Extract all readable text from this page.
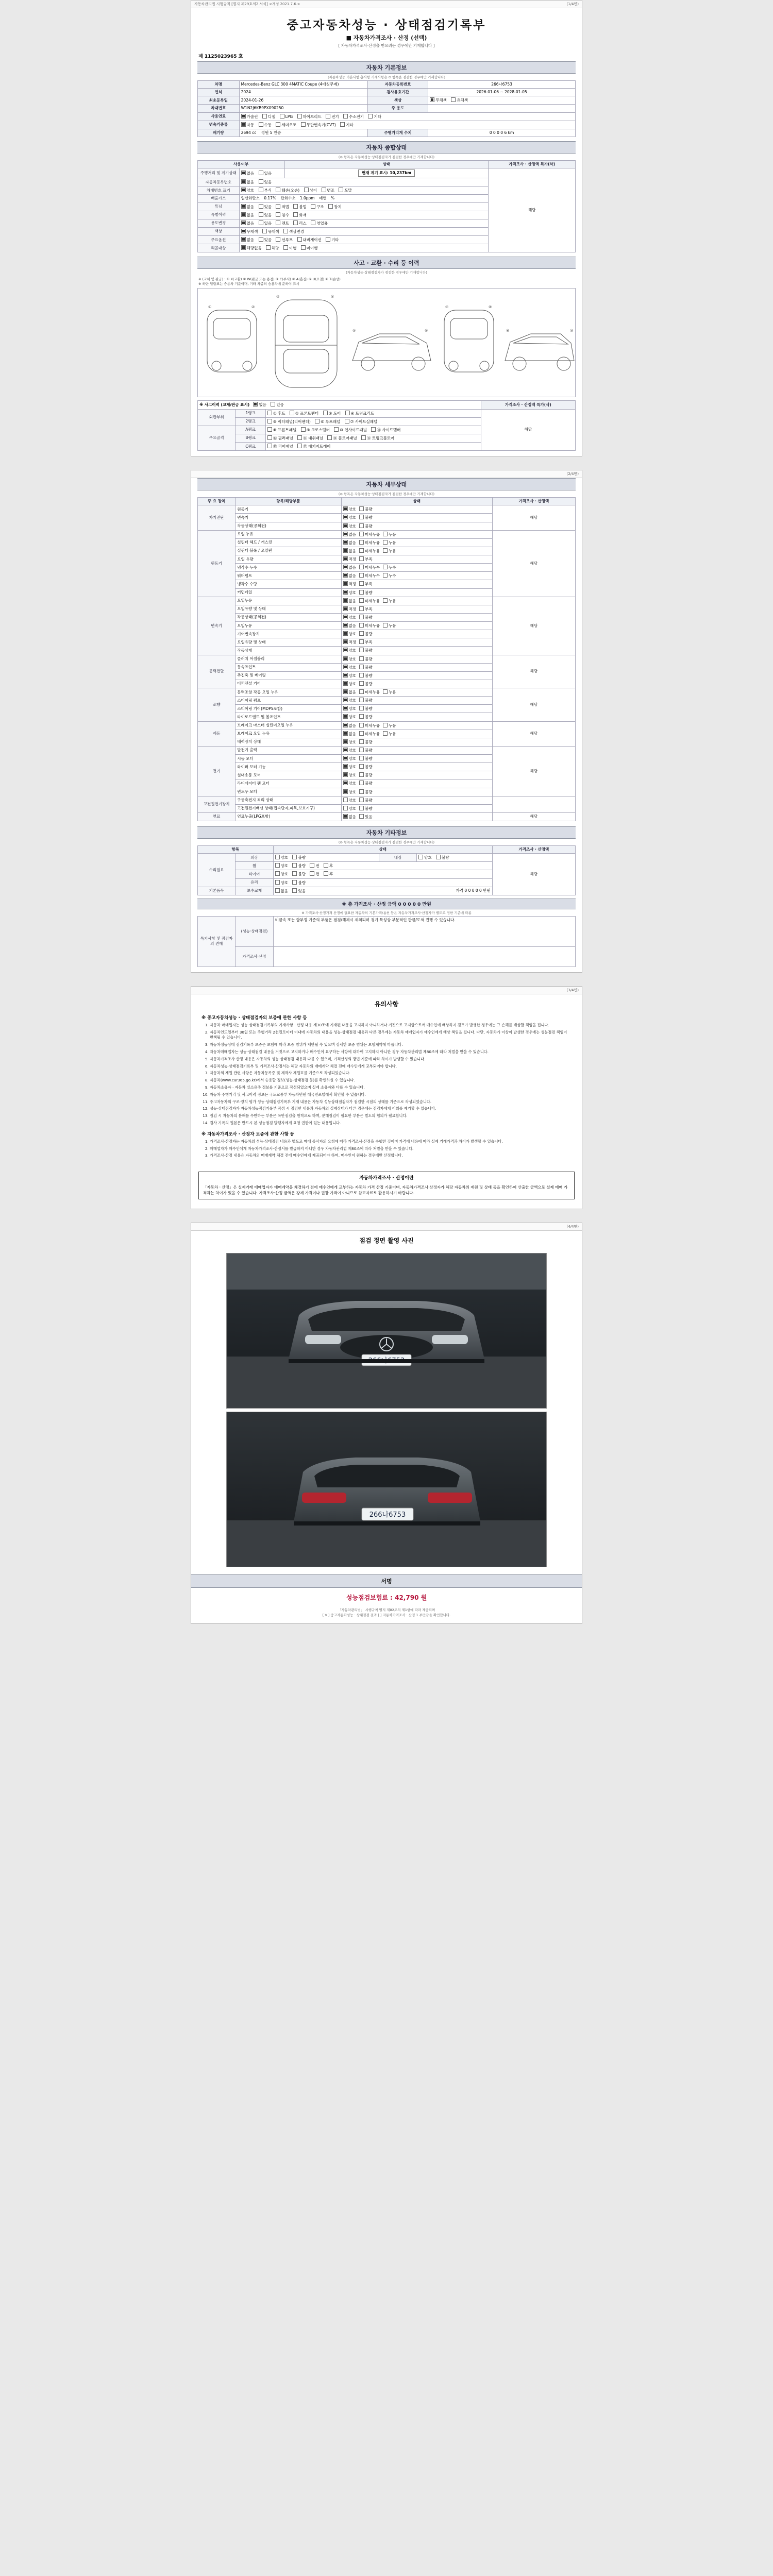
자동차관리법 시행규칙 [별지 제29호의2 서식] <개정 2021.7.6.>	(1/4면)
중고자동차성능 · 상태점검기록부
■ 자동차가격조사 · 산정 (선택)
[ 자동차가격조사·산정을 받으려는 경우에만 기재합니다 ]
제 1125023965 호
자동차 기본정보
(자동차성능 기본사항 총사항 기재사항은 ⊙ 항목을 점검한 경우에만 기재합니다)
차명	Mercedes-Benz GLC 300 4MATIC Coupe (4매칭쿠페)	자동차등록번호	266나6753
연식	2024	검사유효기간	2026-01-06 ~ 2028-01-05
최초등록일	2024-01-26	색상	무채색 유채색
차대번호	W1N2J6KB9PX090250	주 용도	
사용연료	가솔린 디젤 LPG 하이브리드 전기 수소전기 기타		
변속기종류	자동 수동 세미오토 무단변속기(CVT) 기타		
배기량	2694 cc 정원 5 인승	주행거리계 수치	0 0 0 0 6 km
자동차 종합상태
(⊙ 항목은 자동차성능·상태점검자가 점검한 경우에만 기재합니다)
사용여부		상태	가격조사 · 산정액 특가(삭)
주행거리 및 계기상태	없음 있음	현재 계기 표시: 10,237km	해당
자동차등록번호	없음 있음		
차대번호 표기	양호 부식 훼손(오손) 상이 변조 도말		
배출가스	일산화탄소 0.17% 탄화수소 1.0ppm 매연 %		
튜닝	없음 있음 적법 불법 구조 장치		
특별이력	없음 있음 침수 화재		
용도변경	없음 있음 렌트 리스 영업용		
색상	무채색 유채색 색상변경		
주요옵션	없음 있음 선루프 내비게이션 기타		
리콜대상	해당없음 해당 이행 미이행		
사고 · 교환 · 수리 등 이력
(자동차성능·상태점검자가 점검한 경우에만 기재합니다)
※ (교체 및 판금) : ① X(교환) ② W(판금 또는 용접) ③ C(부식) ④ A(흠집) ⑤ U(요철) ⑥ T(손상)
※ 하단 일람표는 승용차 기준이며, 기타 차종의 승용차에 준하여 표시
①	②
③	④
⑤	⑥
⑦	⑧
⑨	⑩
※ 사고이력 (교체/판금 표시) 없음 있음			가격조사 · 산정액 특가(삭)
외판부위	1랭크	① 후드 ② 프론트펜더 ③ 도어 ④ 트렁크리드	해당
	2랭크	⑤ 쿼터패널(리어펜더) ⑥ 루프패널 ⑦ 사이드실패널	
주요골격	A랭크	⑧ 프론트패널 ⑨ 크로스멤버 ⑩ 인사이드패널 ⑪ 사이드멤버	
	B랭크	⑫ 필러패널 ⑬ 대쉬패널 ⑭ 플로어패널 ⑮ 트렁크플로어	
	C랭크	⑯ 리어패널 ⑰ 패키지트레이	
(2/4면)
자동차 세부상태
(⊙ 항목은 자동차성능·상태점검자가 점검한 경우에만 기재합니다)
주 요 장치	항목/해당부품	상태	가격조사 · 산정액
자기진단	원동기	양호 불량	해당
	변속기	양호 불량	
	작동상태(공회전)	양호 불량	
원동기	오일 누유	없음 미세누유 누유	해당
	실린더 헤드 / 개스킷	없음 미세누유 누유	
	실린더 블록 / 오일팬	없음 미세누유 누유	
	오일 유량	적정 부족	
	냉각수 누수	없음 미세누수 누수	
	워터펌프	없음 미세누수 누수	
	냉각수 수량	적정 부족	
	커먼레일	양호 불량	
변속기	오일누유	없음 미세누유 누유	해당
	오일유량 및 상태	적정 부족	
	작동상태(공회전)	양호 불량	
	오일누유	없음 미세누유 누유	
	기어변속장치	양호 불량	
	오일유량 및 상태	적정 부족	
	작동상태	양호 불량	
동력전달	클러치 어셈블리	양호 불량	해당
	등속죠인트	양호 불량	
	추진축 및 베어링	양호 불량	
	디퍼렌셜 기어	양호 불량	
조향	동력조향 작동 오일 누유	없음 미세누유 누유	해당
	스티어링 펌프	양호 불량	
	스티어링 기어(MDPS포함)	양호 불량	
	타이로드엔드 및 볼죠인트	양호 불량	
제동	브레이크 마스터 실린더오일 누유	없음 미세누유 누유	해당
	브레이크 오일 누유	없음 미세누유 누유	
	배력장치 상태	양호 불량	
전기	발전기 출력	양호 불량	해당
	시동 모터	양호 불량	
	와이퍼 모터 기능	양호 불량	
	실내송풍 모터	양호 불량	
	라디에이터 팬 모터	양호 불량	
	윈도우 모터	양호 불량	
고전원전기장치	구동축전지 격리 상태	양호 불량	
	고전원전기배선 상태(접속단자,피복,보호기구)	양호 불량	
연료	연료누출(LPG포함)	없음 있음	해당
자동차 기타정보
(⊙ 항목은 자동차성능·상태점검자가 점검한 경우에만 기재합니다)
항목		상태			가격조사 · 산정액
수리필요	외장	양호 불량	내장	양호 불량	해당
	휠	양호 불량 전 후			
	타이어	양호 불량 전 후			
	유리	양호 불량			
기본품목	보수교재	없음 있음 가격 0 0 0 0 0 만원			
※ 총 가격조사 · 산정 금액 0 0 0 0 0 만원
※ 가격조사·산정가격 산정에 필요한 자동차의 기본가격/옵션 등은 자동차가격조사·산정자가 별도로 정한 기준에 따름
특기사항 및 점검자의 견해	(성능·상태점검)	비금속 또는 합부정 기준의 부품은 점검/해제시 제외되며 경기 특성상 부분적인 판금/도색 진행 수 있습니다.
	가격조사·산정	
(3/4면)
유의사항
※ 중고자동차성능 · 상태점검자의 보증에 관한 사항 등
1. 자동차 매매업자는 성능·상태점검기록부의 기재사항 · 산정 내용 제30조에 기재된 내용을 고지하지 아니하거나 거짓으로 고지함으로써 매수인에 배상하지 검토가 발생한 경우에는 그 손해를 배상할 책임을 집니다.
2. 자동차인도일부터 30일 또는 주행거리 2천킬로미터 이내에 자동차의 내용을 성능·상태점검 내용과 다른 경우에는 자동차 매매업자가 매수인에게 배상 책임을 집니다. 다만, 자동차가 이상이 발생한 경우에는 성능점검 책임이 면책될 수 있습니다.
3. 자동차성능상태 점검기록부 보증은 보험에 따라 보증 범위가 제한될 수 있으며 상세한 보증 범위는 보험계약에 따릅니다.
4. 자동차매매업자는 성능·상태점검 내용을 거짓으로 고지하거나 매수인이 요구하는 사항에 대하여 고지하지 아니한 경우 자동차관리법 제80조에 따라 처벌을 받을 수 있습니다.
5. 자동차가격조사·산정 내용은 자동차의 성능·상태점검 내용과 다를 수 있으며, 가격산정의 방법·기준에 따라 차이가 발생할 수 있습니다.
6. 자동차성능·상태점검기록부 및 가격조사·산정서는 해당 자동차의 매매계약 체결 전에 매수인에게 교부되어야 합니다.
7. 자동차의 제원 관련 사항은 자동차등록증 및 제작사 제원표를 기준으로 작성되었습니다.
8. 자동차(www.car365.go.kr)에서 승용할 정보(성능·상태점검 등)를 확인하실 수 있습니다.
9. 자동차소유자 · 자동차 실소유주 정보를 기준으로 작성되었으며 실제 소유자와 다를 수 있습니다.
10. 자동차 주행거리 및 사고이력 정보는 국토교통부 자동차민원 대국민포털에서 확인할 수 있습니다.
11. 중고자동차의 구조·장치 평가 성능·상태점검기록부 기재 내용은 자동차 성능상태점검자가 점검한 시점의 상태를 기준으로 작성되었습니다.
12. 성능·상태점검자가 자동차성능점검기록부 작성 시 점검한 내용과 자동차의 실제상태가 다른 경우에는 점검자에게 이의를 제기할 수 있습니다.
13. 점검 시 자동차의 분해를 수반하는 부분은 육안점검을 원칙으로 하며, 분해점검이 필요한 부분은 별도의 협의가 필요합니다.
14. 검사 기록의 원본은 반드시 본 성능점검 발행자에게 요청 권한이 있는 내용입니다.
※ 자동차가격조사 · 산정자 보증에 관한 사항 등
1. 가격조사·산정자는 자동차의 성능·상태점검 내용과 별도로 매매 종사자의 요청에 따라 가격조사·산정을 수행한 것이며 가격에 내용에 따라 실제 거래가격과 차이가 발생할 수 있습니다.
2. 매매업자가 매수인에게 자동차가격조사·산정서를 발급하지 아니한 경우 자동차관리법 제80조에 따라 처벌을 받을 수 있습니다.
3. 가격조사·산정 내용은 자동차의 매매계약 체결 전에 매수인에게 제공되어야 하며, 매수인이 원하는 경우에만 산정합니다.
자동차가격조사 · 산정이란
「자동차 · 산정」은 실제거래 매매업자가 매매계약을 체결하기 전에 매수인에게 교부하는 자동차 가격 산정 기준이며, 자동차가격조사·산정자가 해당 자동차의 제원 및 상태 등을 확인하여 산출한 금액으로 실제 매매 가격과는 차이가 있을 수 있습니다. 가격조사·산정 금액은 강제 가격이나 권장 가격이 아니므로 참고자료로 활용하시기 바랍니다.
(4/4면)
점검 정면 촬영 사진
266나6753
서명
성능점검보험료 : 42,790 원
「자동차관리법」 시행규칙 별지 제82조의 제1항에 따라 제공되며
[ V ] 중고자동차성능 · 상태점검 결과 [ ] 자동차가격조사 · 산정 1 부만감을 확인합니다.
